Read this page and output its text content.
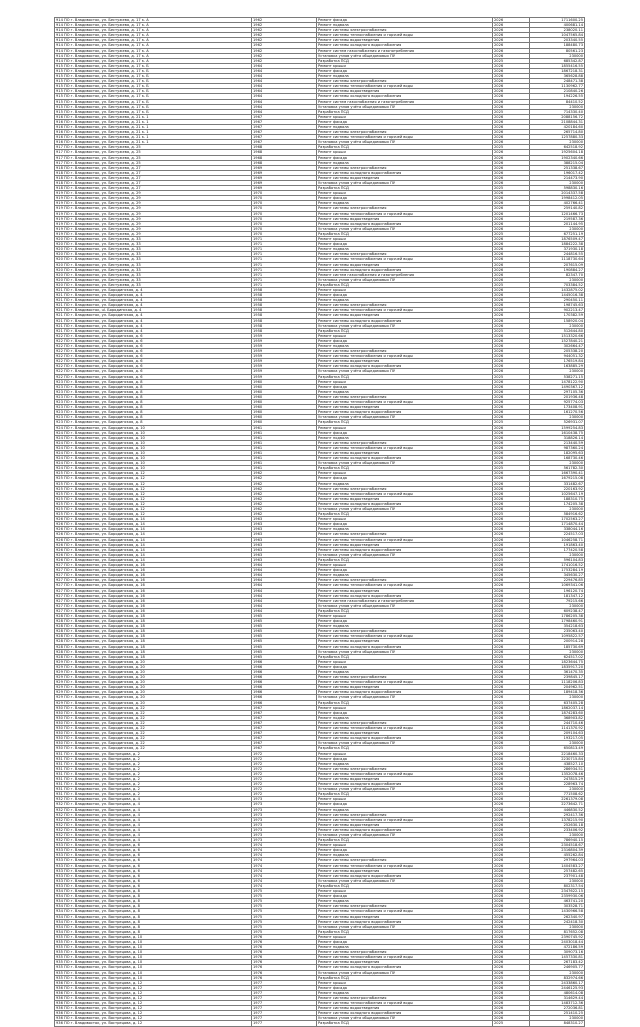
914 ПО г. Владивосток, ул. Бестужева, д. 17 к. А	1962	Ремонт фасада	2026	1711600.25
914 ПО г. Владивосток, ул. Бестужева, д. 17 к. А	1962	Ремонт подвала	2026	400681.14
914 ПО г. Владивосток, ул. Бестужева, д. 17 к. А	1962	Ремонт системы электроснабжения	2026	238020.11
914 ПО г. Владивосток, ул. Бестужева, д. 17 к. А	1962	Ремонт системы теплоснабжения и горячей воды	2026	1047565.84
914 ПО г. Владивосток, ул. Бестужева, д. 17 к. А	1962	Ремонт системы водоотведения	2026	203340.55
914 ПО г. Владивосток, ул. Бестужева, д. 17 к. А	1962	Ремонт системы холодного водоснабжения	2026	188480.73
914 ПО г. Владивосток, ул. Бестужева, д. 17 к. А	1962	Ремонт систем газоснабжения и газопотребления	2026	80561.23
914 ПО г. Владивосток, ул. Бестужева, д. 17 к. А	1962	Установка узлов учёта общедомовых ПУ	2026	230000
914 ПО г. Владивосток, ул. Бестужева, д. 17 к. А	1962	Разработка ПСД	2025	685342.87
915 ПО г. Владивосток, ул. Бестужева, д. 17 к. Б	1964	Ремонт крыши	2026	1855416.55
915 ПО г. Владивосток, ул. Бестужева, д. 17 к. Б	1964	Ремонт фасада	2026	1867218.31
915 ПО г. Владивосток, ул. Бестужева, д. 17 к. Б	1964	Ремонт подвала	2026	365628.88
915 ПО г. Владивосток, ул. Бестужева, д. 17 к. Б	1964	Ремонт системы электроснабжения	2026	248471.38
915 ПО г. Владивосток, ул. Бестужева, д. 17 к. Б	1964	Ремонт системы теплоснабжения и горячей воды	2026	1130962.77
915 ПО г. Владивосток, ул. Бестужева, д. 17 к. Б	1964	Ремонт системы водоотведения	2026	210840.26
915 ПО г. Владивосток, ул. Бестужева, д. 17 к. Б	1964	Ремонт системы холодного водоснабжения	2026	194226.55
915 ПО г. Владивосток, ул. Бестужева, д. 17 к. Б	1964	Ремонт систем газоснабжения и газопотребления	2026	84410.52
915 ПО г. Владивосток, ул. Бестужева, д. 17 к. Б	1964	Установка узлов учёта общедомовых ПУ	2026	230000
915 ПО г. Владивосток, ул. Бестужева, д. 17 к. Б	1964	Разработка ПСД	2025	714330.40
916 ПО г. Владивосток, ул. Бестужева, д. 21 к. 1	1967	Ремонт крыши	2026	2088156.72
916 ПО г. Владивосток, ул. Бестужева, д. 21 к. 1	1967	Ремонт фасада	2026	2108844.31
916 ПО г. Владивосток, ул. Бестужева, д. 21 к. 1	1967	Ремонт подвала	2026	420184.60
916 ПО г. Владивосток, ул. Бестужева, д. 21 к. 1	1967	Ремонт системы электроснабжения	2026	265714.80
916 ПО г. Владивосток, ул. Бестужева, д. 21 к. 1	1967	Ремонт системы теплоснабжения и горячей воды	2026	1257880.33
916 ПО г. Владивосток, ул. Бестужева, д. 21 к. 1	1967	Установка узлов учёта общедомовых ПУ	2026	230000
917 ПО г. Владивосток, ул. Бестужева, д. 25	1968	Разработка ПСД	2025	642518.92
917 ПО г. Владивосток, ул. Бестужева, д. 25	1968	Ремонт крыши	2026	1925604.18
917 ПО г. Владивосток, ул. Бестужева, д. 25	1968	Ремонт фасада	2026	1902340.66
917 ПО г. Владивосток, ул. Бестужева, д. 25	1968	Ремонт подвала	2026	388215.04
918 ПО г. Владивосток, ул. Бестужева, д. 27	1969	Ремонт системы электроснабжения	2026	251338.67
918 ПО г. Владивосток, ул. Бестужева, д. 27	1969	Ремонт системы холодного водоснабжения	2026	196017.42
918 ПО г. Владивосток, ул. Бестужева, д. 27	1969	Ремонт системы водоотведения	2026	214473.90
918 ПО г. Владивосток, ул. Бестужева, д. 27	1969	Установка узлов учёта общедомовых ПУ	2026	230000
918 ПО г. Владивосток, ул. Бестужева, д. 27	1969	Разработка ПСД	2025	598830.16
919 ПО г. Владивосток, ул. Бестужева, д. 29	1970	Ремонт крыши	2026	2014337.58
919 ПО г. Владивосток, ул. Бестужева, д. 29	1970	Ремонт фасада	2026	1998412.05
919 ПО г. Владивосток, ул. Бестужева, д. 29	1970	Ремонт подвала	2026	402766.41
919 ПО г. Владивосток, ул. Бестужева, д. 29	1970	Ремонт системы электроснабжения	2026	259140.82
919 ПО г. Владивосток, ул. Бестужева, д. 29	1970	Ремонт системы теплоснабжения и горячей воды	2026	1201466.73
919 ПО г. Владивосток, ул. Бестужева, д. 29	1970	Ремонт системы водоотведения	2026	219587.36
919 ПО г. Владивосток, ул. Бестужева, д. 29	1970	Ремонт системы холодного водоснабжения	2026	201144.95
919 ПО г. Владивосток, ул. Бестужева, д. 29	1970	Установка узлов учёта общедомовых ПУ	2026	230000
919 ПО г. Владивосток, ул. Бестужева, д. 29	1970	Разработка ПСД	2025	677251.19
920 ПО г. Владивосток, ул. Бестужева, д. 33	1971	Ремонт крыши	2026	1876509.47
920 ПО г. Владивосток, ул. Бестужева, д. 33	1971	Ремонт фасада	2026	1884222.38
920 ПО г. Владивосток, ул. Бестужева, д. 33	1971	Ремонт подвала	2026	371930.18
920 ПО г. Владивосток, ул. Бестужева, д. 33	1971	Ремонт системы электроснабжения	2026	244816.55
920 ПО г. Владивосток, ул. Бестужева, д. 33	1971	Ремонт системы теплоснабжения и горячей воды	2026	1118730.64
920 ПО г. Владивосток, ул. Бестужева, д. 33	1971	Ремонт системы водоотведения	2026	207615.09
920 ПО г. Владивосток, ул. Бестужева, д. 33	1971	Ремонт системы холодного водоснабжения	2026	190884.27
920 ПО г. Владивосток, ул. Бестужева, д. 33	1971	Ремонт систем газоснабжения и газопотребления	2026	82347.70
920 ПО г. Владивосток, ул. Бестужева, д. 33	1971	Установка узлов учёта общедомовых ПУ	2026	230000
920 ПО г. Владивосток, ул. Бестужева, д. 33	1971	Разработка ПСД	2025	703384.52
921 ПО г. Владивосток, ул. Бородинская, д. 4	1958	Ремонт крыши	2026	1432875.02
921 ПО г. Владивосток, ул. Бородинская, д. 4	1958	Ремонт фасада	2026	1445016.38
921 ПО г. Владивосток, ул. Бородинская, д. 4	1958	Ремонт подвала	2026	290450.11
921 ПО г. Владивосток, ул. Бородинская, д. 4	1958	Ремонт системы электроснабжения	2026	198745.63
921 ПО г. Владивосток, ul. Бородинская, д. 4	1958	Ремонт системы теплоснабжения и горячей воды	2026	902213.47
921 ПО г. Владивосток, ул. Бородинская, д. 4	1958	Ремонт системы водоотведения	2026	170382.59
921 ПО г. Владивосток, ул. Бородинская, д. 4	1958	Ремонт системы холодного водоснабжения	2026	158920.04
921 ПО г. Владивосток, ул. Бородинская, д. 4	1958	Установка узлов учёта общедомовых ПУ	2026	230000
921 ПО г. Владивосток, ул. Бородинская, д. 4	1958	Разработка ПСД	2025	512644.80
922 ПО г. Владивосток, ул. Бородинская, д. 6	1959	Ремонт крыши	2026	1513320.66
922 ПО г. Владивосток, ул. Бородинская, д. 6	1959	Ремонт фасада	2026	1527840.21
922 ПО г. Владивосток, ул. Бородинская, д. 6	1959	Ремонт подвала	2026	302664.47
922 ПО г. Владивосток, ул. Бородинская, д. 6	1959	Ремонт системы электроснабжения	2026	205338.20
922 ПО г. Владивосток, ул. Бородинская, д. 6	1959	Ремонт системы теплоснабжения и горячей воды	2026	944051.32
922 ПО г. Владивосток, ул. Бородинская, д. 6	1959	Ремонт системы водоотведения	2026	176519.84
922 ПО г. Владивосток, ул. Бородинская, д. 6	1959	Ремонт системы холодного водоснабжения	2026	163885.29
922 ПО г. Владивосток, ул. Бородинская, д. 6	1959	Установка узлов учёта общедомовых ПУ	2026	230000
922 ПО г. Владивосток, ул. Бородинская, д. 6	1959	Разработка ПСД	2025	538271.15
923 ПО г. Владивосток, ул. Бородинская, д. 8	1960	Ремонт крыши	2026	1478122.90
923 ПО г. Владивосток, ул. Бородинская, д. 8	1960	Ремонт фасада	2026	1490367.12
923 ПО г. Владивосток, ул. Бородинская, д. 8	1960	Ремонт подвала	2026	297105.36
923 ПО г. Владивосток, ул. Бородинская, д. 8	1960	Ремонт системы электроснабжения	2026	201936.48
923 ПО г. Владивосток, ул. Бородинская, д. 8	1960	Ремонт системы теплоснабжения и горячей воды	2026	925774.03
923 ПО г. Владивосток, ул. Бородинская, д. 8	1960	Ремонт системы водоотведения	2026	173408.91
923 ПО г. Владивосток, ул. Бородинская, д. 8	1960	Ремонт системы холодного водоснабжения	2026	161270.56
923 ПО г. Владивосток, ул. Бородинская, д. 8	1960	Установка узлов учёта общедомовых ПУ	2026	230000
923 ПО г. Владивосток, ул. Бородинская, д. 8	1960	Разработка ПСД	2025	526931.07
924 ПО г. Владивосток, ул. Бородинская, д. 10	1961	Ремонт крыши	2026	1599254.83
924 ПО г. Владивосток, ул. Бородинская, д. 10	1961	Ремонт фасада	2026	1610438.75
924 ПО г. Владивосток, ул. Бородинская, д. 10	1961	Ремонт подвала	2026	318826.14
924 ПО г. Владивосток, ул. Бородинская, д. 10	1961	Ремонт системы электроснабжения	2026	213440.59
924 ПО г. Владивосток, ул. Бородинская, д. 10	1961	Ремонт системы теплоснабжения и горячей воды	2026	987360.24
924 ПО г. Владивосток, ул. Бородинская, д. 10	1961	Ремонт системы водоотведения	2026	182095.63
924 ПО г. Владивосток, ул. Бородинская, д. 10	1961	Ремонт системы холодного водоснабжения	2026	168730.46
924 ПО г. Владивосток, ул. Бородинская, д. 10	1961	Установка узлов учёта общедомовых ПУ	2026	230000
924 ПО г. Владивосток, ул. Бородинская, д. 10	1961	Разработка ПСД	2025	561782.30
925 ПО г. Владивосток, ул. Бородинская, д. 12	1962	Ремонт крыши	2026	1667390.41
925 ПО г. Владивосток, ул. Бородинская, д. 12	1962	Ремонт фасада	2026	1679215.08
925 ПО г. Владивосток, ул. Бородинская, д. 12	1962	Ремонт подвала	2026	331482.67
925 ПО г. Владивосток, ул. Бородинская, д. 12	1962	Ремонт системы электроснабжения	2026	220163.92
925 ПО г. Владивосток, ул. Бородинская, д. 12	1962	Ремонт системы теплоснабжения и горячей воды	2026	1025647.19
925 ПО г. Владивосток, ул. Бородинская, д. 12	1962	Ремонт системы водоотведения	2026	188310.75
925 ПО г. Владивосток, ул. Бородинская, д. 12	1962	Ремонт системы холодного водоснабжения	2026	174205.38
925 ПО г. Владивосток, ул. Бородинская, д. 12	1962	Установка узлов учёта общедомовых ПУ	2026	230000
925 ПО г. Владивосток, ул. Бородинская, д. 12	1962	Разработка ПСД	2025	584916.62
926 ПО г. Владивосток, ул. Бородинская, д. 14	1963	Ремонт крыши	2026	1702563.27
926 ПО г. Владивосток, ул. Бородинская, д. 14	1963	Ремонт фасада	2026	1714870.44
926 ПО г. Владивосток, ул. Бородинская, д. 14	1963	Ремонт подвала	2026	338044.16
926 ПО г. Владивосток, ул. Бородинская, д. 14	1963	Ремонт системы электроснабжения	2026	224517.03
926 ПО г. Владивосток, ул. Бородинская, д. 14	1963	Ремонт системы теплоснабжения и горячей воды	2026	1046258.71
926 ПО г. Владивосток, ул. Бородинская, д. 14	1963	Ремонт системы водоотведения	2026	191863.40
926 ПО г. Владивосток, ул. Бородинская, д. 14	1963	Ремонт системы холодного водоснабжения	2026	177420.58
926 ПО г. Владивосток, ул. Бородинская, д. 14	1963	Установка узлов учёта общедомовых ПУ	2026	230000
926 ПО г. Владивосток, ул. Бородинская, д. 14	1963	Разработка ПСД	2025	596104.83
927 ПО г. Владивосток, ул. Бородинская, д. 16	1964	Ремонт крыши	2026	1741016.52
927 ПО г. Владивосток, ул. Бородинская, д. 16	1964	Ремонт фасада	2026	1753284.19
927 ПО г. Владивосток, ул. Бородинская, д. 16	1964	Ремонт подвала	2026	345630.27
927 ПО г. Владивосток, ул. Бородинская, д. 16	1964	Ремонт системы электроснабжения	2026	229476.85
927 ПО г. Владивосток, ул. Бородинская, д. 16	1964	Ремонт системы теплоснабжения и горячей воды	2026	1069341.06
927 ПО г. Владивосток, ул. Бородинская, д. 16	1964	Ремонт системы водоотведения	2026	196120.74
927 ПО г. Владивосток, ул. Бородинская, д. 16	1964	Ремонт системы холодного водоснабжения	2026	181347.12
927 ПО г. Владивосток, ул. Бородинская, д. 16	1964	Ремонт систем газоснабжения и газопотребления	2026	79215.66
927 ПО г. Владивосток, ул. Бородинская, д. 16	1964	Установка узлов учёта общедомовых ПУ	2026	230000
927 ПО г. Владивосток, ул. Бородинская, д. 16	1964	Разработка ПСД	2025	609238.47
928 ПО г. Владивосток, ул. Бородинская, д. 18	1965	Ремонт крыши	2026	1786205.38
928 ПО г. Владивосток, ул. Бородинская, д. 18	1965	Ремонт фасада	2026	1798460.91
928 ПО г. Владивосток, ул. Бородинская, д. 18	1965	Ремонт подвала	2026	354218.63
928 ПО г. Владивосток, ул. Бородинская, д. 18	1965	Ремонт системы электроснабжения	2026	235063.40
928 ПО г. Владивосток, ул. Бородинская, д. 18	1965	Ремонт системы теплоснабжения и горячей воды	2026	1095822.57
928 ПО г. Владивосток, ул. Бородинская, д. 18	1965	Ремонт системы водоотведения	2026	200914.28
928 ПО г. Владивосток, ул. Бородинская, д. 18	1965	Ремонт системы холодного водоснабжения	2026	185730.69
928 ПО г. Владивосток, ул. Бородинская, д. 18	1965	Установка узлов учёта общедомовых ПУ	2026	230000
928 ПО г. Владивосток, ул. Бородинская, д. 18	1965	Разработка ПСД	2025	624517.02
929 ПО г. Владивосток, ул. Бородинская, д. 20	1966	Ремонт крыши	2026	1823644.75
929 ПО г. Владивосток, ул. Бородинская, д. 20	1966	Ремонт фасада	2026	1835917.20
929 ПО г. Владивосток, ул. Бородинская, д. 20	1966	Ремонт подвала	2026	361470.35
929 ПО г. Владивосток, ул. Бородинская, д. 20	1966	Ремонт системы электроснабжения	2026	239845.17
929 ПО г. Владивосток, ул. Бородинская, д. 20	1966	Ремонт системы теплоснабжения и горячей воды	2026	1118206.83
929 ПО г. Владивосток, ул. Бородинская, д. 20	1966	Ремонт системы водоотведения	2026	204962.51
929 ПО г. Владивосток, ул. Бородинская, д. 20	1966	Ремонт системы холодного водоснабжения	2026	189418.36
929 ПО г. Владивосток, ул. Бородинская, д. 20	1966	Установка узлов учёта общедомовых ПУ	2026	230000
929 ПО г. Владивосток, ул. Бородинская, д. 20	1966	Разработка ПСД	2025	637405.28
930 ПО г. Владивосток, ул. Бородинская, д. 22	1967	Ремонт крыши	2026	1862037.14
930 ПО г. Владивосток, ул. Бородинская, д. 22	1967	Ремонт фасада	2026	1874283.60
930 ПО г. Владивосток, ул. Бородинская, д. 22	1967	Ремонт подвала	2026	368903.82
930 ПО г. Владивосток, ул. Бородинская, д. 22	1967	Ремонт системы электроснабжения	2026	244710.46
930 ПО г. Владивосток, ул. Бородинская, д. 22	1967	Ремонт системы теплоснабжения и горячей воды	2026	1141370.92
930 ПО г. Владивосток, ул. Бородинская, д. 22	1967	Ремонт системы водоотведения	2026	209104.63
930 ПО г. Владивосток, ул. Бородинская, д. 22	1967	Ремонт системы холодного водоснабжения	2026	193217.05
930 ПО г. Владивосток, ул. Бородинская, д. 22	1967	Установка узлов учёта общедомовых ПУ	2026	230000
930 ПО г. Владивосток, ул. Бородинская, д. 22	1967	Разработка ПСД	2025	650813.49
931 ПО г. Владивосток, ул. Вострецова, д. 2	1972	Ремонт крыши	2026	2218460.33
931 ПО г. Владивосток, ул. Вострецова, д. 2	1972	Ремонт фасада	2026	2230715.84
931 ПО г. Владивосток, ул. Вострецова, д. 2	1972	Ремонт подвала	2026	438527.10
931 ПО г. Владивосток, ул. Вострецова, д. 2	1972	Ремонт системы электроснабжения	2026	286934.51
931 ПО г. Владивосток, ул. Вострецова, д. 2	1972	Ремонт системы теплоснабжения и горячей воды	2026	1352078.46
931 ПО г. Владивосток, ул. Вострецова, д. 2	1972	Ремонт системы водоотведения	2026	247815.29
931 ПО г. Владивосток, ул. Вострецова, д. 2	1972	Ремонт системы холодного водоснабжения	2026	228963.74
931 ПО г. Владивосток, ул. Вострецова, д. 2	1972	Установка узлов учёта общедомовых ПУ	2026	230000
931 ПО г. Владивосток, ул. Вострецова, д. 2	1972	Разработка ПСД	2025	771508.62
932 ПО г. Владивосток, ул. Вострецова, д. 4	1973	Ремонт крыши	2026	2261379.08
932 ПО г. Владивосток, ул. Вострецова, д. 4	1973	Ремонт фасада	2026	2273642.71
932 ПО г. Владивосток, ул. Вострецова, д. 4	1973	Ремонт подвала	2026	446830.52
932 ПО г. Владивосток, ул. Вострецова, д. 4	1973	Ремонт системы электроснабжения	2026	292417.36
932 ПО г. Владивосток, ул. Вострецова, д. 4	1973	Ремонт системы теплоснабжения и горячей воды	2026	1378215.90
932 ПО г. Владивосток, ул. Вострецова, д. 4	1973	Ремонт системы водоотведения	2026	252630.18
932 ПО г. Владивосток, ул. Вострецова, д. 4	1973	Ремонт системы холодного водоснабжения	2026	233406.92
932 ПО г. Владивосток, ул. Вострецова, д. 4	1973	Установка узлов учёта общедомовых ПУ	2026	230000
932 ПО г. Владивосток, ул. Вострецова, д. 4	1973	Разработка ПСД	2025	786940.15
933 ПО г. Владивосток, ул. Вострецова, д. 6	1974	Ремонт крыши	2026	2304518.67
933 ПО г. Владивосток, ул. Вострецова, д. 6	1974	Ремонт фасада	2026	2316804.39
933 ПО г. Владивосток, ул. Вострецова, д. 6	1974	Ремонт подвала	2026	455262.84
933 ПО г. Владивосток, ул. Вострецова, д. 6	1974	Ремонт системы электроснабжения	2026	297964.03
933 ПО г. Владивосток, ул. Вострецова, д. 6	1974	Ремонт системы теплоснабжения и горячей воды	2026	1404583.27
933 ПО г. Владивосток, ул. Вострецова, д. 6	1974	Ремонт системы водоотведения	2026	257482.65
933 ПО г. Владивосток, ул. Вострецова, д. 6	1974	Ремонт системы холодного водоснабжения	2026	237901.48
933 ПО г. Владивосток, ул. Вострецова, д. 6	1974	Установка узлов учёта общедомовых ПУ	2026	230000
933 ПО г. Владивосток, ул. Вострецова, д. 6	1974	Разработка ПСД	2025	802317.54
934 ПО г. Владивосток, ул. Вострецова, д. 8	1975	Ремонт крыши	2026	2347622.15
934 ПО г. Владивосток, ул. Вострецова, д. 8	1975	Ремонт фасада	2026	2359930.06
934 ПО г. Владивосток, ул. Вострецова, д. 8	1975	Ремонт подвала	2026	463741.20
934 ПО г. Владивосток, ул. Вострецова, д. 8	1975	Ремонт системы электроснабжения	2026	303528.71
934 ПО г. Владивосток, ул. Вострецова, д. 8	1975	Ремонт системы теплоснабжения и горячей воды	2026	1430966.58
934 ПО г. Владивосток, ул. Вострецова, д. 8	1975	Ремонт системы водоотведения	2026	262340.97
934 ПО г. Владивосток, ул. Вострецова, д. 8	1975	Ремонт системы холодного водоснабжения	2026	242418.30
934 ПО г. Владивосток, ул. Вострецова, д. 8	1975	Установка узлов учёта общедомовых ПУ	2026	230000
934 ПО г. Владивосток, ул. Вострецова, д. 8	1975	Разработка ПСД	2025	817652.08
935 ПО г. Владивосток, ул. Вострецова, д. 10	1976	Ремонт крыши	2026	2390745.92
935 ПО г. Владивосток, ул. Вострецова, д. 10	1976	Ремонт фасада	2026	2403018.44
935 ПО г. Владивосток, ул. Вострецова, д. 10	1976	Ремонт подвала	2026	472186.59
935 ПО г. Владивосток, ул. Вострецова, д. 10	1976	Ремонт системы электроснабжения	2026	309073.16
935 ПО г. Владивосток, ул. Вострецова, д. 10	1976	Ремонт системы теплоснабжения и горячей воды	2026	1457330.81
935 ПО г. Владивосток, ул. Вострецова, д. 10	1976	Ремонт системы водоотведения	2026	267183.42
935 ПО г. Владивосток, ул. Вострецова, д. 10	1976	Ремонт системы холодного водоснабжения	2026	246905.77
935 ПО г. Владивосток, ул. Вострецова, д. 10	1976	Установка узлов учёта общедомовых ПУ	2026	230000
935 ПО г. Владивосток, ул. Вострецова, д. 10	1976	Разработка ПСД	2025	832974.66
936 ПО г. Владивосток, ул. Вострецова, д. 12	1977	Ремонт крыши	2026	2433860.17
936 ПО г. Владивосток, ул. Вострецова, д. 12	1977	Ремонт фасада	2026	2446125.93
936 ПО г. Владивосток, ул. Вострецова, д. 12	1977	Ремонт подвала	2026	480614.08
936 ПО г. Владивосток, ул. Вострецова, д. 12	1977	Ремонт системы электроснабжения	2026	314629.44
936 ПО г. Владивосток, ул. Вострецова, д. 12	1977	Ремонт системы теплоснабжения и горячей воды	2026	1483712.36
936 ПО г. Владивосток, ул. Вострецова, д. 12	1977	Ремонт системы водоотведения	2026	272036.81
936 ПО г. Владивосток, ул. Вострецова, д. 12	1977	Ремонт системы холодного водоснабжения	2026	251410.25
936 ПО г. Владивосток, ул. Вострецова, д. 12	1977	Установка узлов учёта общедомовых ПУ	2026	230000
936 ПО г. Владивосток, ул. Вострецова, д. 12	1977	Разработка ПСД	2025	848310.27
